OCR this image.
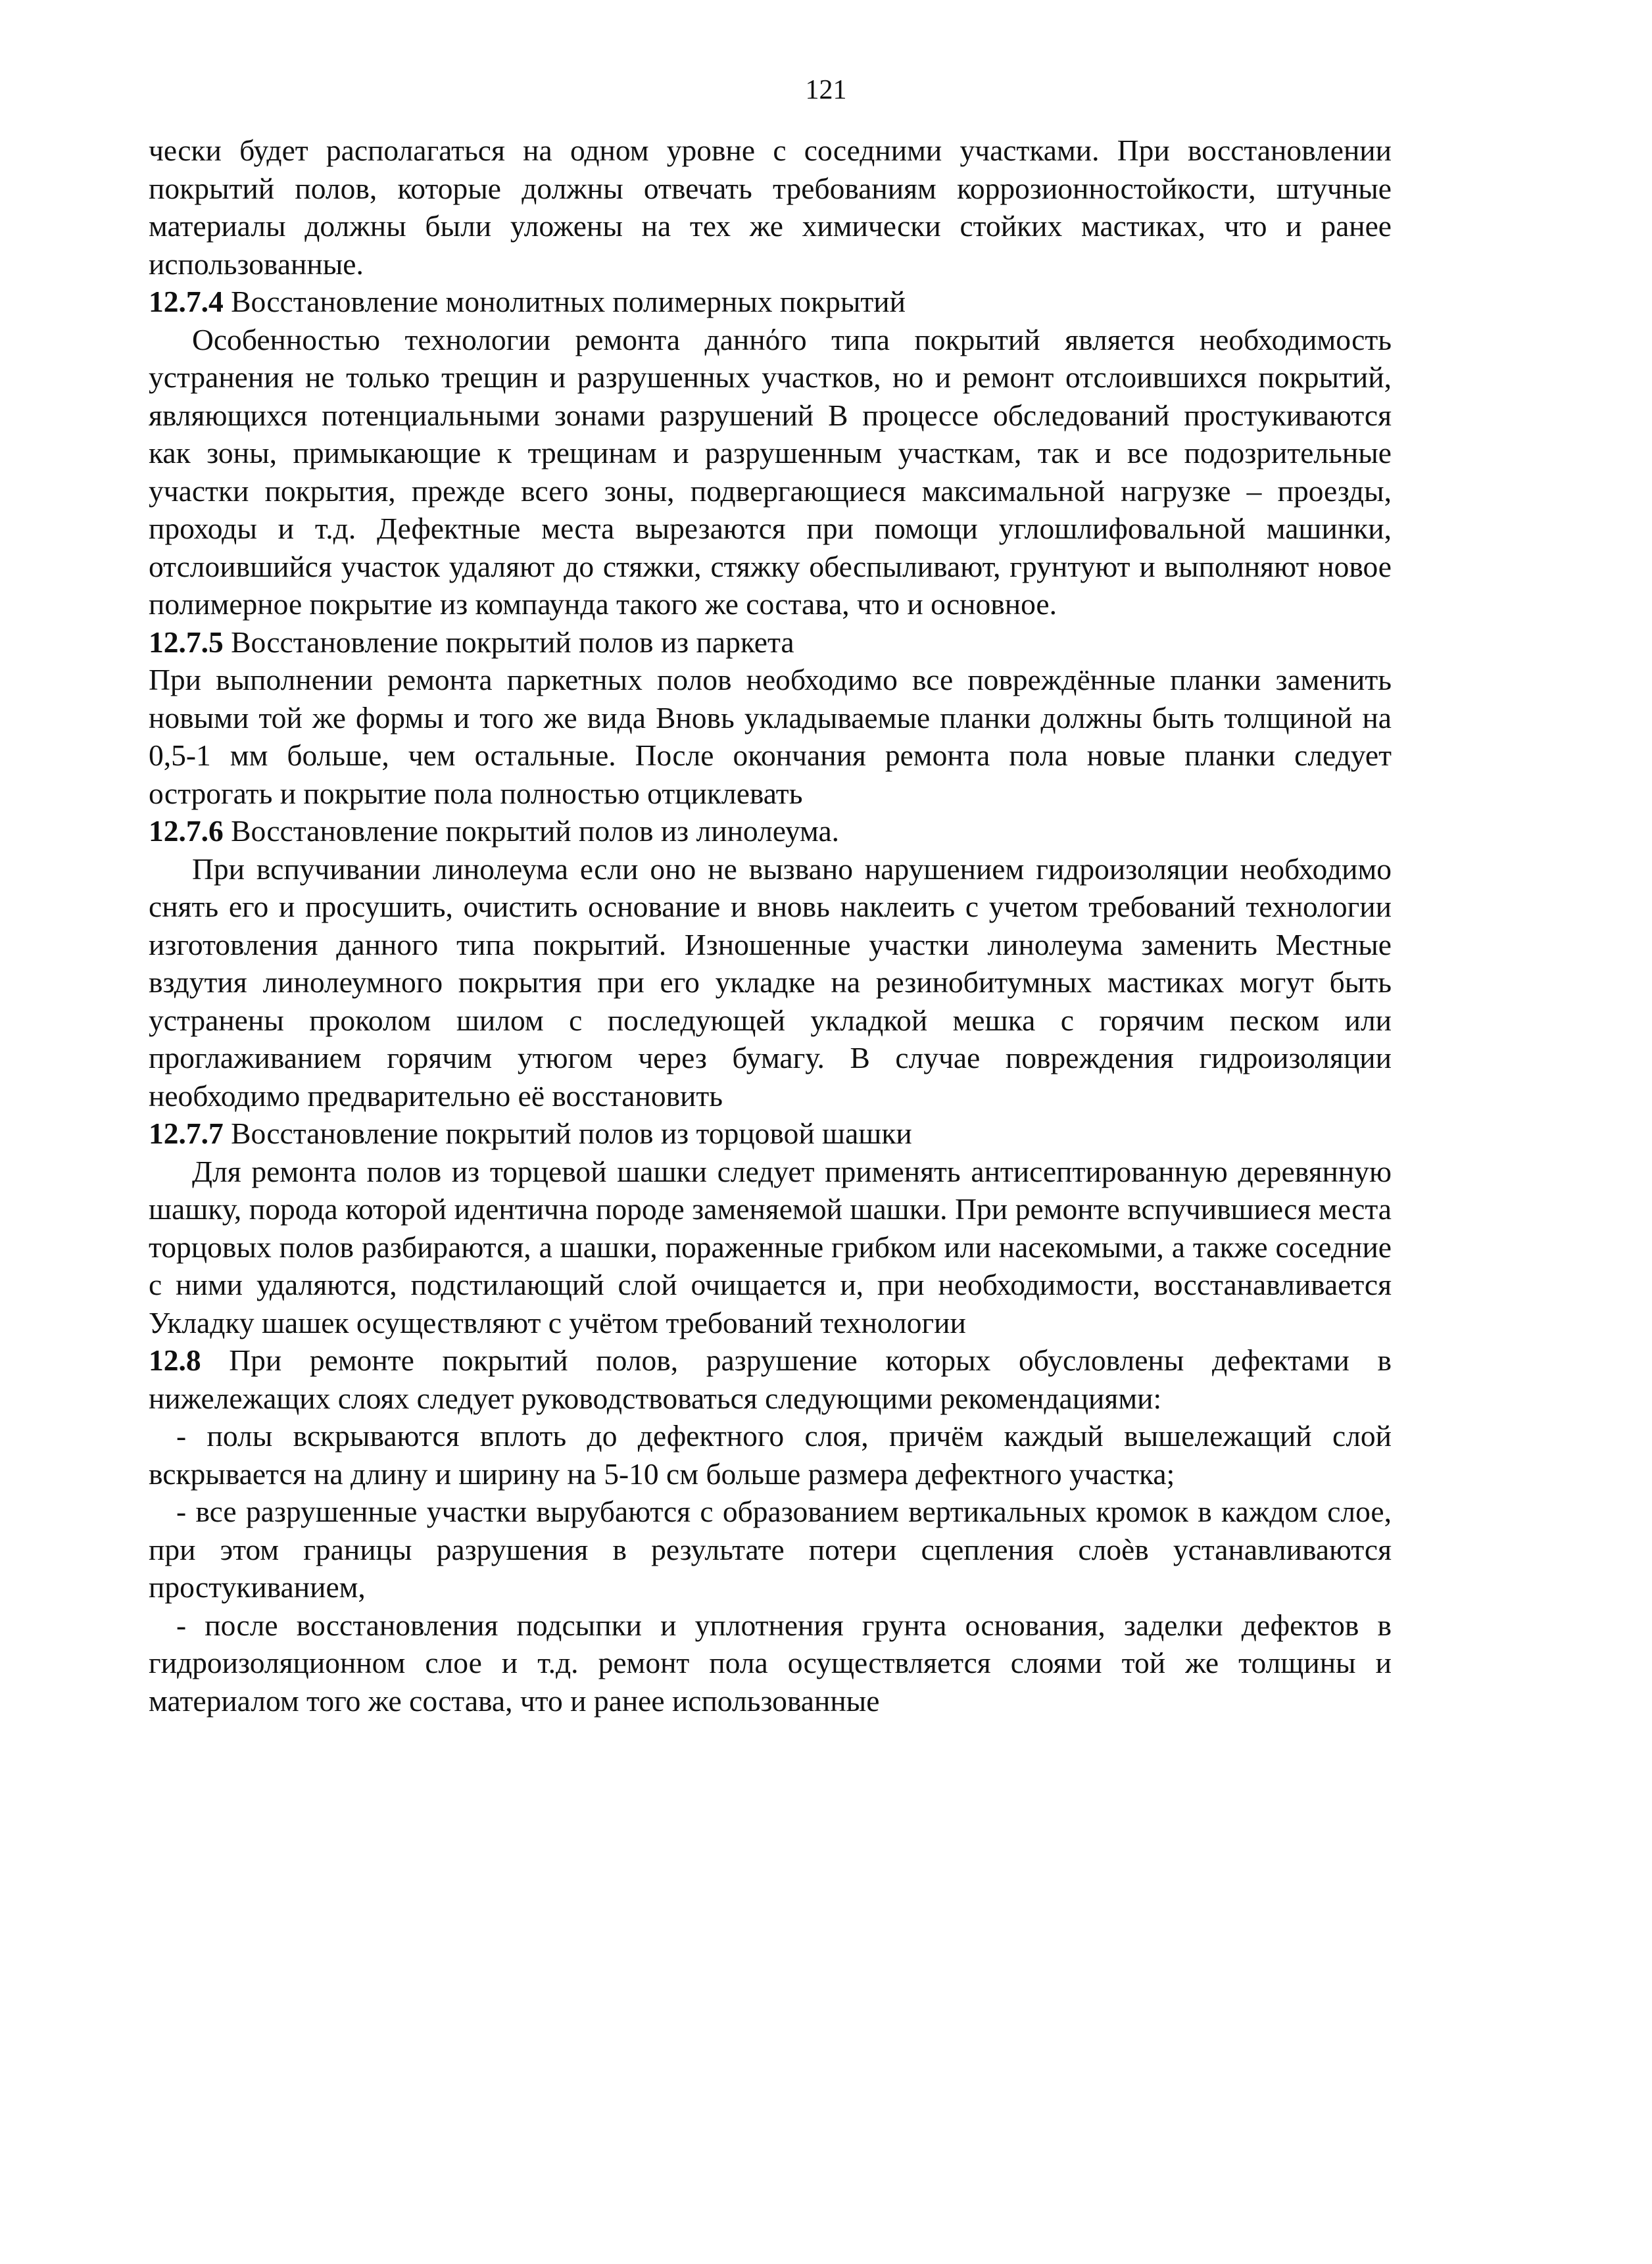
121

чески будет располагаться на одном уровне с соседними участками. При восстановлении покрытий полов, которые должны отвечать требованиям коррозионностойкости, штучные материалы должны были уложены на тех же химически стойких мастиках, что и ранее использованные.

12.7.4 Восстановление монолитных полимерных покрытий

Особенностью технологии ремонта даннόго типа покрытий является необходимость устранения не только трещин и разрушенных участков, но и ремонт отслоившихся покрытий, являющихся потенциальными зонами разрушений В процессе обследований простукиваются как зоны, примыкающие к трещинам и разрушенным участкам, так и все подозрительные участки покрытия, прежде всего зоны, подвергающиеся максимальной нагрузке – проезды, проходы и т.д. Дефектные места вырезаются при помощи углошлифовальной машинки, отслоившийся участок удаляют до стяжки, стяжку обеспыливают, грунтуют и выполняют новое полимерное покрытие из компаунда такого же состава, что и основное.

12.7.5 Восстановление покрытий полов из паркета

При выполнении ремонта паркетных полов необходимо все повреждённые планки заменить новыми той же формы и того же вида Вновь укладываемые планки должны быть толщиной на 0,5-1 мм больше, чем остальные. После окончания ремонта пола новые планки следует острогать и покрытие пола полностью отциклевать

12.7.6 Восстановление покрытий полов из линолеума.

При вспучивании линолеума если оно не вызвано нарушением гидроизоляции необходимо снять его и просушить, очистить основание и вновь наклеить с учетом требований технологии изготовления данного типа покрытий. Изношенные участки линолеума заменить Местные вздутия линолеумного покрытия при его укладке на резинобитумных мастиках могут быть устранены проколом шилом с последующей укладкой мешка с горячим песком или проглаживанием горячим утюгом через бумагу. В случае повреждения гидроизоляции необходимо предварительно её восстановить

12.7.7 Восстановление покрытий полов из торцовой шашки

Для ремонта полов из торцевой шашки следует применять антисептированную деревянную шашку, порода которой идентична породе заменяемой шашки. При ремонте вспучившиеся места торцовых полов разбираются, а шашки, пораженные грибком или насекомыми, а также соседние с ними удаляются, подстилающий слой очищается и, при необходимости, восстанавливается Укладку шашек осуществляют с учётом требований технологии

12.8 При ремонте покрытий полов, разрушение которых обусловлены дефектами в нижележащих слоях следует руководствоваться следующими рекомендациями:

- полы вскрываются вплоть до дефектного слоя, причём каждый вышележащий слой вскрывается на длину и ширину на 5-10 см больше размера дефектного участка;

- все разрушенные участки вырубаются с образованием вертикальных кромок в каждом слое, при этом границы разрушения в результате потери сцепления слоѐв устанавливаются простукиванием,

- после восстановления подсыпки и уплотнения грунта основания, заделки дефектов в гидроизоляционном слое и т.д. ремонт пола осуществляется слоями той же толщины и материалом того же состава, что и ранее использованные
